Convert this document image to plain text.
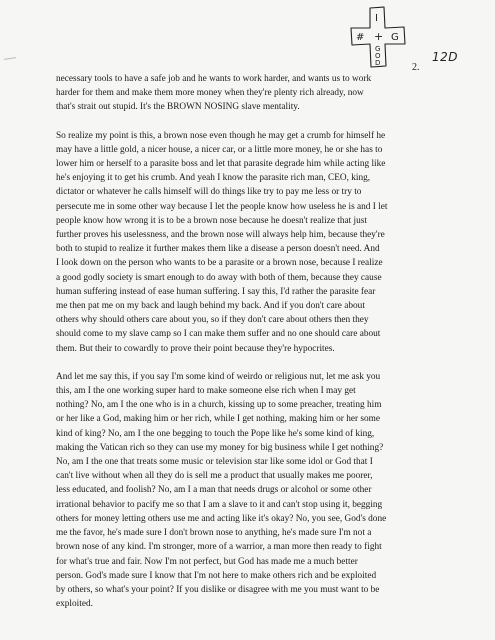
I
# + G
G
O
D	12D
2.

necessary tools to have a safe job and he wants to work harder, and wants us to work
harder for them and make them more money when they're plenty rich already, now
that's strait out stupid. It's the BROWN NOSING slave mentality.

So realize my point is this, a brown nose even though he may get a crumb for himself he
may have a little gold, a nicer house, a nicer car, or a little more money, he or she has to
lower him or herself to a parasite boss and let that parasite degrade him while acting like
he's enjoying it to get his crumb. And yeah I know the parasite rich man, CEO, king,
dictator or whatever he calls himself will do things like try to pay me less or try to
persecute me in some other way because I let the people know how useless he is and I let
people know how wrong it is to be a brown nose because he doesn't realize that just
further proves his uselessness, and the brown nose will always help him, because they're
both to stupid to realize it further makes them like a disease a person doesn't need. And
I look down on the person who wants to be a parasite or a brown nose, because I realize
a good godly society is smart enough to do away with both of them, because they cause
human suffering instead of ease human suffering. I say this, I'd rather the parasite fear
me then pat me on my back and laugh behind my back. And if you don't care about
others why should others care about you, so if they don't care about others then they
should come to my slave camp so I can make them suffer and no one should care about
them. But their to cowardly to prove their point because they're hypocrites.

And let me say this, if you say I'm some kind of weirdo or religious nut, let me ask you
this, am I the one working super hard to make someone else rich when I may get
nothing? No, am I the one who is in a church, kissing up to some preacher, treating him
or her like a God, making him or her rich, while I get nothing, making him or her some
kind of king? No, am I the one begging to touch the Pope like he's some kind of king,
making the Vatican rich so they can use my money for big business while I get nothing?
No, am I the one that treats some music or television star like some idol or God that I
can't live without when all they do is sell me a product that usually makes me poorer,
less educated, and foolish? No, am I a man that needs drugs or alcohol or some other
irrational behavior to pacify me so that I am a slave to it and can't stop using it, begging
others for money letting others use me and acting like it's okay? No, you see, God's done
me the favor, he's made sure I don't brown nose to anything, he's made sure I'm not a
brown nose of any kind. I'm stronger, more of a warrior, a man more then ready to fight
for what's true and fair. Now I'm not perfect, but God has made me a much better
person. God's made sure I know that I'm not here to make others rich and be exploited
by others, so what's your point? If you dislike or disagree with me you must want to be
exploited.
